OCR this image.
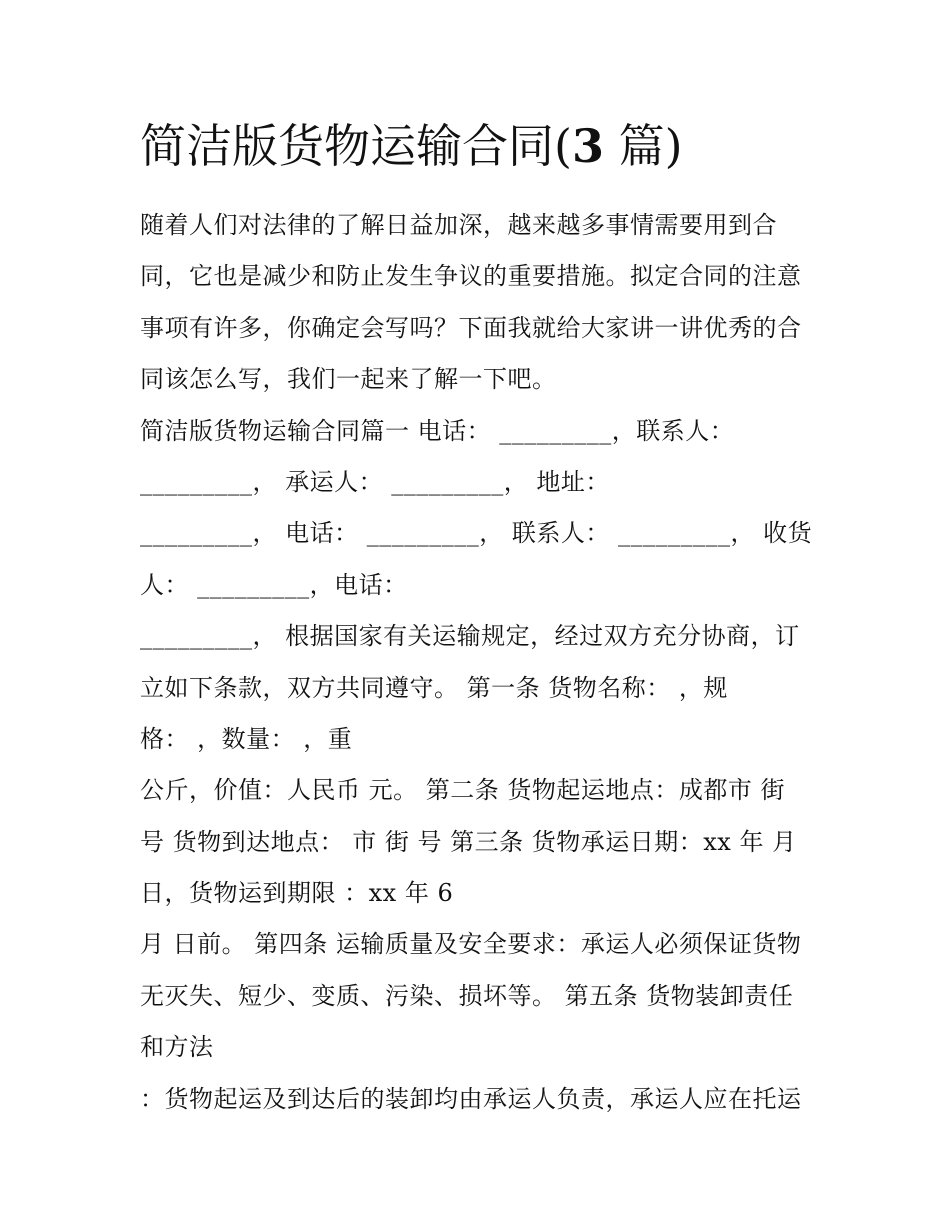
简洁版货物运输合同(3 篇)
随着人们对法律的了解日益加深，越来越多事情需要用到合
同，它也是减少和防止发生争议的重要措施。拟定合同的注意
事项有许多，你确定会写吗？下面我就给大家讲一讲优秀的合
同该怎么写，我们一起来了解一下吧。
简洁版货物运输合同篇一 电话： _________，联系人：
_________， 承运人： _________， 地址：
_________， 电话： _________， 联系人： _________， 收货
人： _________，电话：
_________， 根据国家有关运输规定，经过双方充分协商，订
立如下条款，双方共同遵守。 第一条 货物名称： ，规
格： ，数量： ，重
公斤，价值：人民币 元。 第二条 货物起运地点：成都市 街
号 货物到达地点： 市 街 号 第三条 货物承运日期：xx 年 月
日，货物运到期限 ：xx 年 6
月 日前。 第四条 运输质量及安全要求：承运人必须保证货物
无灭失、短少、变质、污染、损坏等。 第五条 货物装卸责任
和方法
：货物起运及到达后的装卸均由承运人负责，承运人应在托运
